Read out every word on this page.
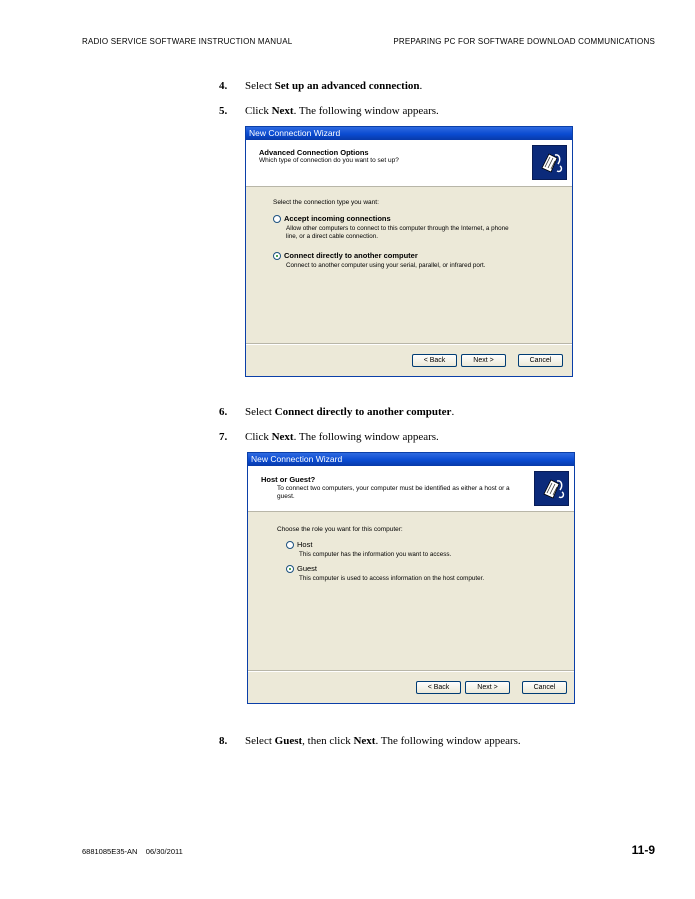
RADIO SERVICE SOFTWARE INSTRUCTION MANUAL	PREPARING PC FOR SOFTWARE DOWNLOAD COMMUNICATIONS
4. Select Set up an advanced connection.
5. Click Next. The following window appears.
New Connection Wizard
Advanced Connection Options
Which type of connection do you want to set up?
Select the connection type you want:
Accept incoming connections
Allow other computers to connect to this computer through the Internet, a phone
line, or a direct cable connection.
Connect directly to another computer
Connect to another computer using your serial, parallel, or infrared port.
< Back	Next >	Cancel
6. Select Connect directly to another computer.
7. Click Next. The following window appears.
New Connection Wizard
Host or Guest?
To connect two computers, your computer must be identified as either a host or a
guest.
Choose the role you want for this computer:
Host
This computer has the information you want to access.
Guest
This computer is used to access information on the host computer.
< Back	Next >	Cancel
8. Select Guest, then click Next. The following window appears.
6881085E35-AN    06/30/2011	11-9
